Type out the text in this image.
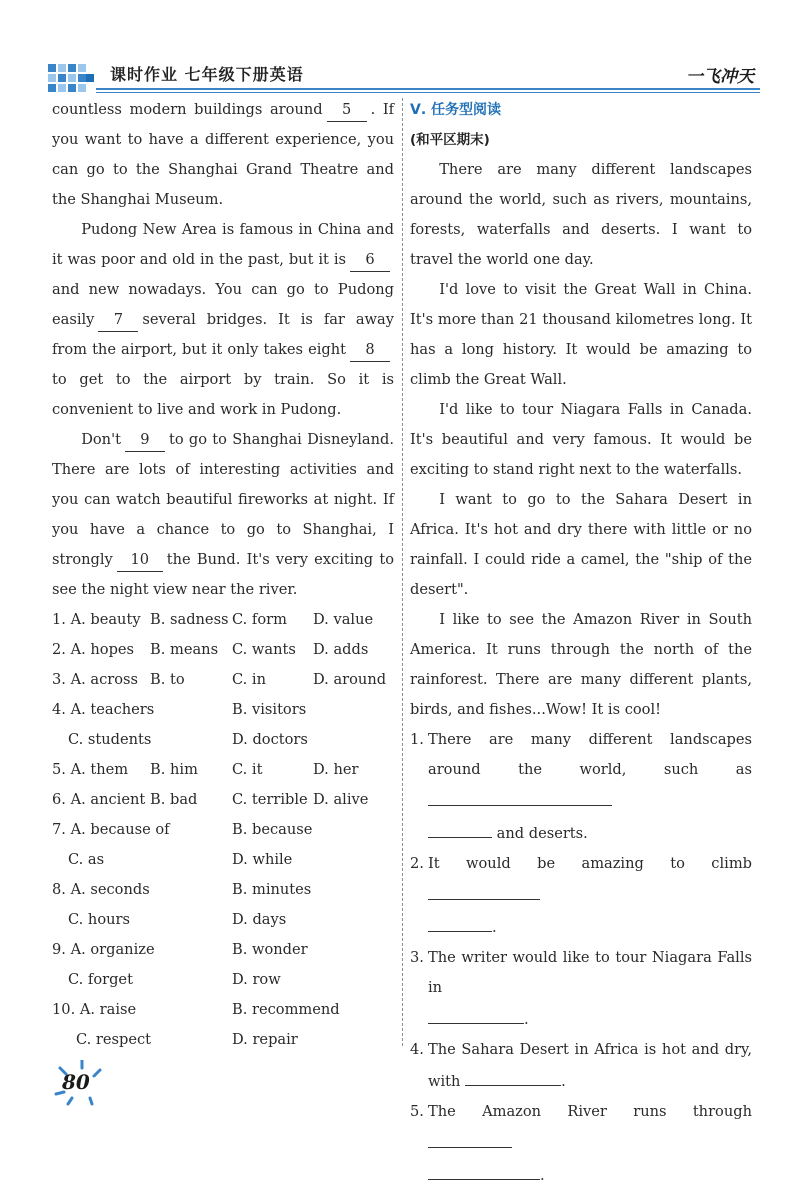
课时作业 七年级下册英语	一飞冲天

countless modern buildings around 5 . If you want to have a different experience, you can go to the Shanghai Grand Theatre and the Shanghai Museum.

Pudong New Area is famous in China and it was poor and old in the past, but it is 6and new nowadays. You can go to Pudong easily 7 several bridges. It is far away from the airport, but it only takes eight 8to get to the airport by train. So it is convenient to live and work in Pudong.

Don't 9 to go to Shanghai Disneyland. There are lots of interesting activities and you can watch beautiful fireworks at night. If you have a chance to go to Shanghai, I strongly 10 the Bund. It's very exciting to see the night view near the river.

1. A. beauty B. sadness C. form D. value
2. A. hopes B. means C. wants D. adds
3. A. across B. to	C. in	D. around
4. A. teachers	B. visitors
C. students	D. doctors
5. A. them B. him C. it	D. her
6. A. ancient B. bad C. terrible D. alive
7. A. because of	B. because
C. as	D. while
8. A. seconds	B. minutes
C. hours	D. days
9. A. organize	B. wonder
C. forget	D. row
10. A. raise	B. recommend
C. respect	D. repair

Ⅴ. 任务型阅读

(和平区期末)

There are many different landscapes around the world, such as rivers, mountains, forests, waterfalls and deserts. I want to travel the world one day.

I'd love to visit the Great Wall in China. It's more than 21 thousand kilometres long. It has a long history. It would be amazing to climb the Great Wall.

I'd like to tour Niagara Falls in Canada. It's beautiful and very famous. It would be exciting to stand right next to the waterfalls.

I want to go to the Sahara Desert in Africa. It's hot and dry there with little or no rainfall. I could ride a camel, the "ship of the desert".

I like to see the Amazon River in South America. It runs through the north of the rainforest. There are many different plants, birds, and fishes...Wow! It is cool!

1. There are many different landscapes around the world, such as
and deserts.

2. It would be amazing to climb
.

3. The writer would like to tour Niagara Falls in
.

4. The Sahara Desert in Africa is hot and dry, with	.

5. The Amazon River runs through
.

80
